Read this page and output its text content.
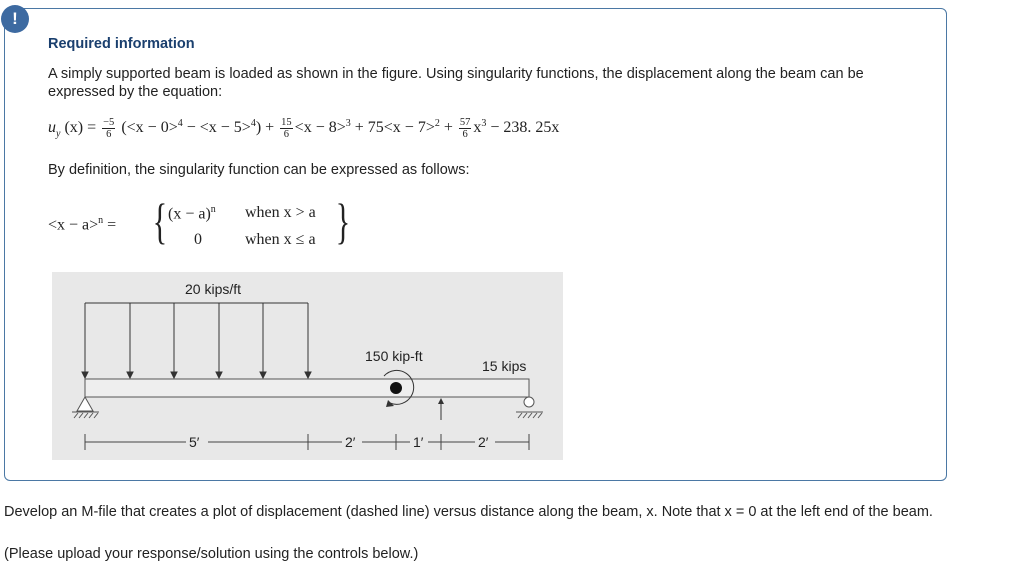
!
Required information
A simply supported beam is loaded as shown in the figure. Using singularity functions, the displacement along the beam can be expressed by the equation:
$u_y$ $(x) = \frac{-5}{6} (<x - 0>^4 - <x - 5>^4) + \frac{15}{6} <x - 8>^3 + 75<x - 7>^2 + \frac{57}{6} x^3 - 238$. 25x
By definition, the singularity function can be expressed as follows:
<x − a>$^n$ = { $(x - a)^n$ when x > a
0	when x ≤ a }
20 kips/ft
150 kip-ft
15 kips
5′	2′	1′	2′
Develop an M-file that creates a plot of displacement (dashed line) versus distance along the beam, x. Note that x = 0 at the left end of the beam.
(Please upload your response/solution using the controls below.)
